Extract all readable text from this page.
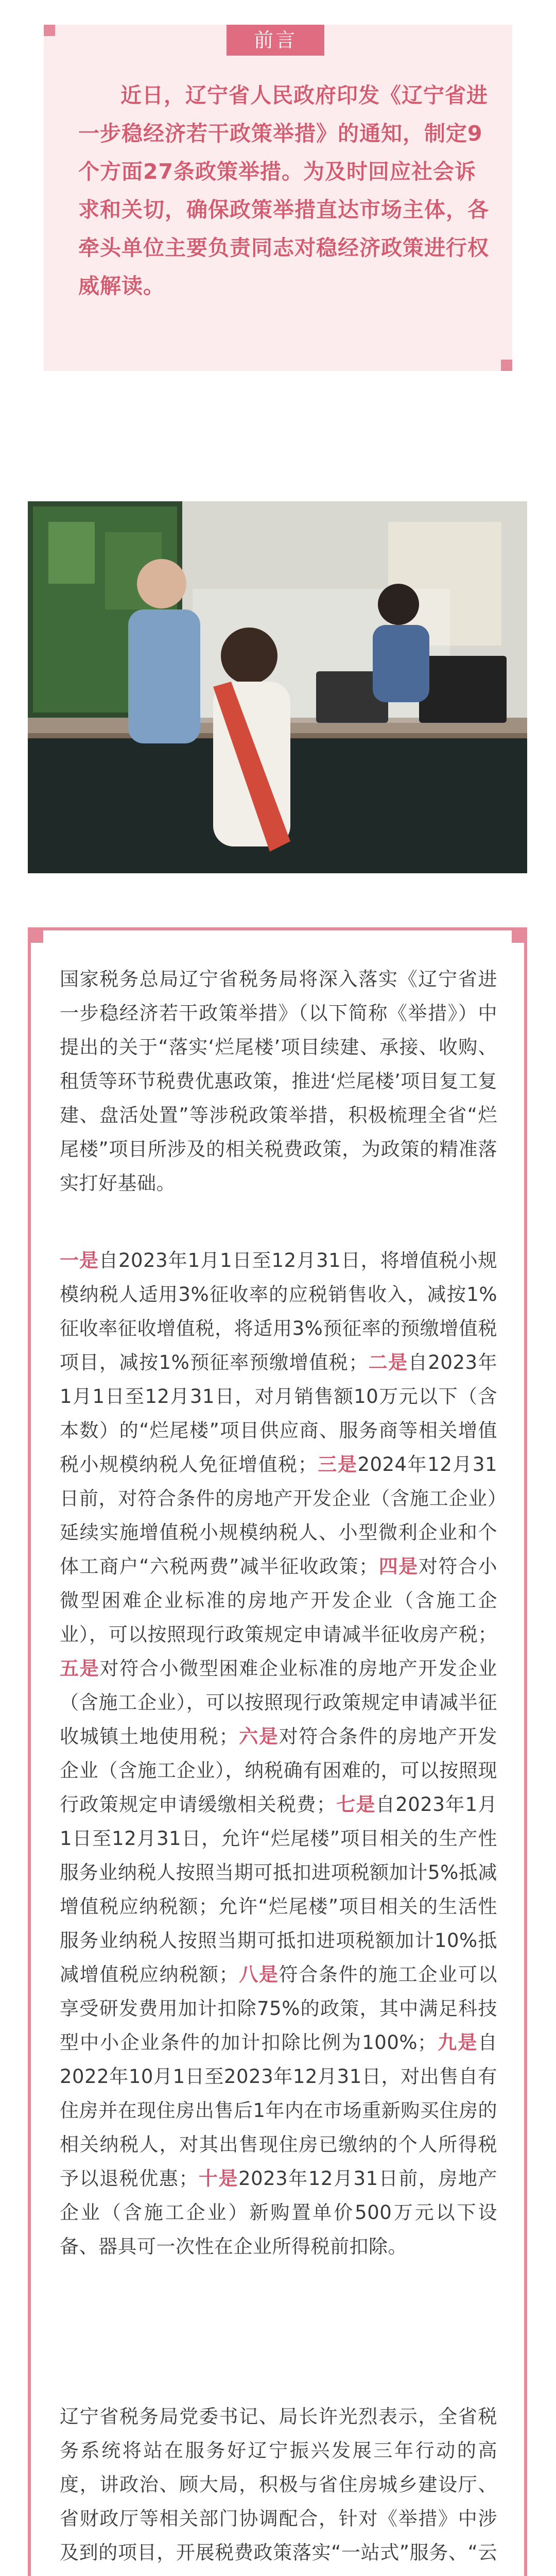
前言
近日，辽宁省人民政府印发《辽宁省进一步稳经济若干政策举措》的通知，制定9个方面27条政策举措。为及时回应社会诉求和关切，确保政策举措直达市场主体，各牵头单位主要负责同志对稳经济政策进行权威解读。
国家税务总局辽宁省税务局将深入落实《辽宁省进一步稳经济若干政策举措》（以下简称《举措》）中提出的关于“落实‘烂尾楼’项目续建、承接、收购、租赁等环节税费优惠政策，推进‘烂尾楼’项目复工复建、盘活处置”等涉税政策举措，积极梳理全省“烂尾楼”项目所涉及的相关税费政策，为政策的精准落实打好基础。
一是自2023年1月1日至12月31日，将增值税小规模纳税人适用3%征收率的应税销售收入，减按1%征收率征收增值税，将适用3%预征率的预缴增值税项目，减按1%预征率预缴增值税；二是自2023年1月1日至12月31日，对月销售额10万元以下（含本数）的“烂尾楼”项目供应商、服务商等相关增值税小规模纳税人免征增值税；三是2024年12月31日前，对符合条件的房地产开发企业（含施工企业）延续实施增值税小规模纳税人、小型微利企业和个体工商户“六税两费”减半征收政策；四是对符合小微型困难企业标准的房地产开发企业（含施工企业），可以按照现行政策规定申请减半征收房产税；五是对符合小微型困难企业标准的房地产开发企业（含施工企业），可以按照现行政策规定申请减半征收城镇土地使用税；六是对符合条件的房地产开发企业（含施工企业），纳税确有困难的，可以按照现行政策规定申请缓缴相关税费；七是自2023年1月1日至12月31日，允许“烂尾楼”项目相关的生产性服务业纳税人按照当期可抵扣进项税额加计5%抵减增值税应纳税额；允许“烂尾楼”项目相关的生活性服务业纳税人按照当期可抵扣进项税额加计10%抵减增值税应纳税额；八是符合条件的施工企业可以享受研发费用加计扣除75%的政策，其中满足科技型中小企业条件的加计扣除比例为100%；九是自2022年10月1日至2023年12月31日，对出售自有住房并在现住房出售后1年内在市场重新购买住房的相关纳税人，对其出售现住房已缴纳的个人所得税予以退税优惠；十是2023年12月31日前，房地产企业（含施工企业）新购置单价500万元以下设备、器具可一次性在企业所得税前扣除。
辽宁省税务局党委书记、局长许光烈表示，全省税务系统将站在服务好辽宁振兴发展三年行动的高度，讲政治、顾大局，积极与省住房城乡建设厅、省财政厅等相关部门协调配合，针对《举措》中涉及到的项目，开展税费政策落实“一站式”服务、“云
